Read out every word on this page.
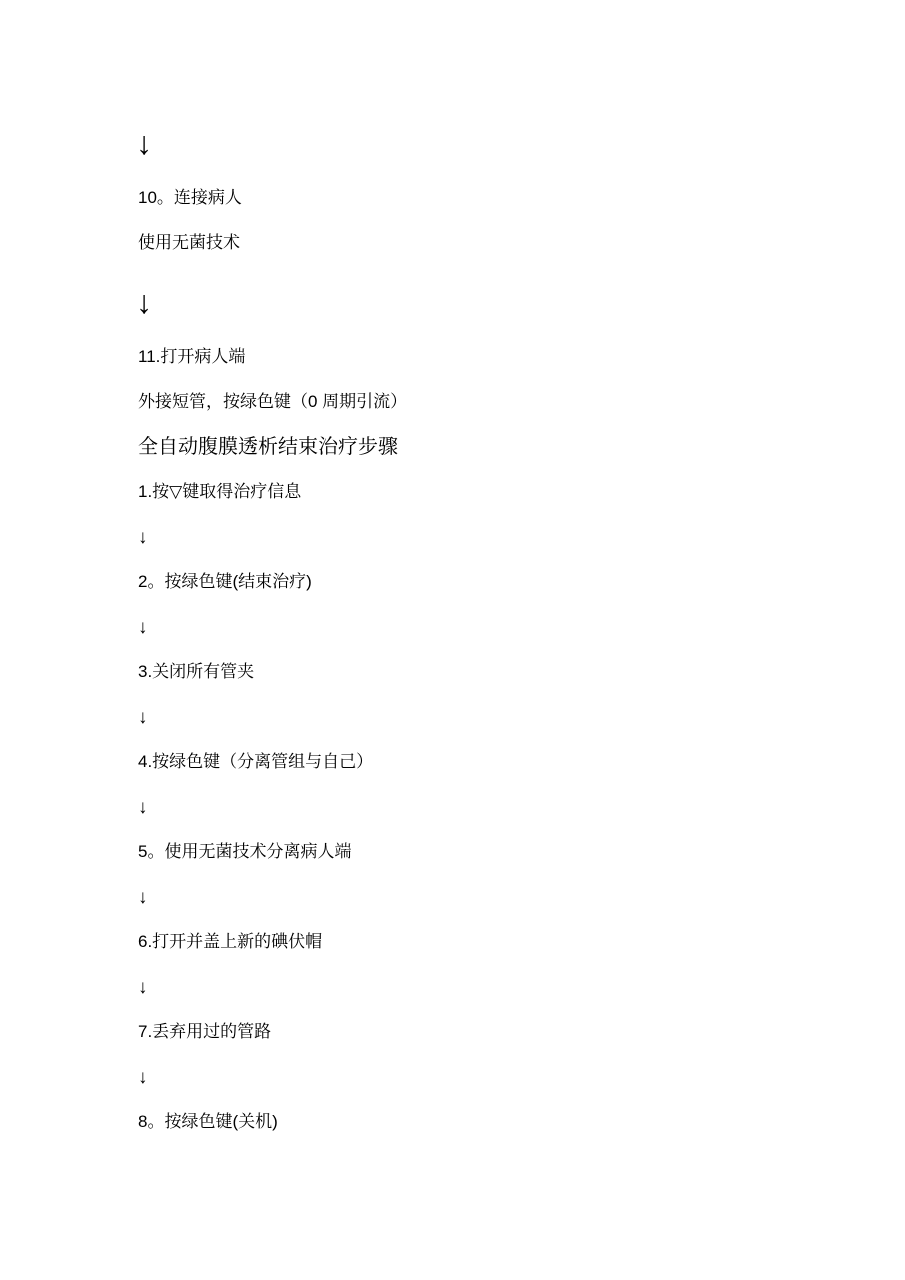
↓
10。连接病人
使用无菌技术
↓
11.打开病人端
外接短管，按绿色键（0 周期引流）
全自动腹膜透析结束治疗步骤
1.按▽键取得治疗信息
↓
2。按绿色键(结束治疗)
↓
3.关闭所有管夹
↓
4.按绿色键（分离管组与自己）
↓
5。使用无菌技术分离病人端
↓
6.打开并盖上新的碘伏帽
↓
7.丢弃用过的管路
↓
8。按绿色键(关机)
